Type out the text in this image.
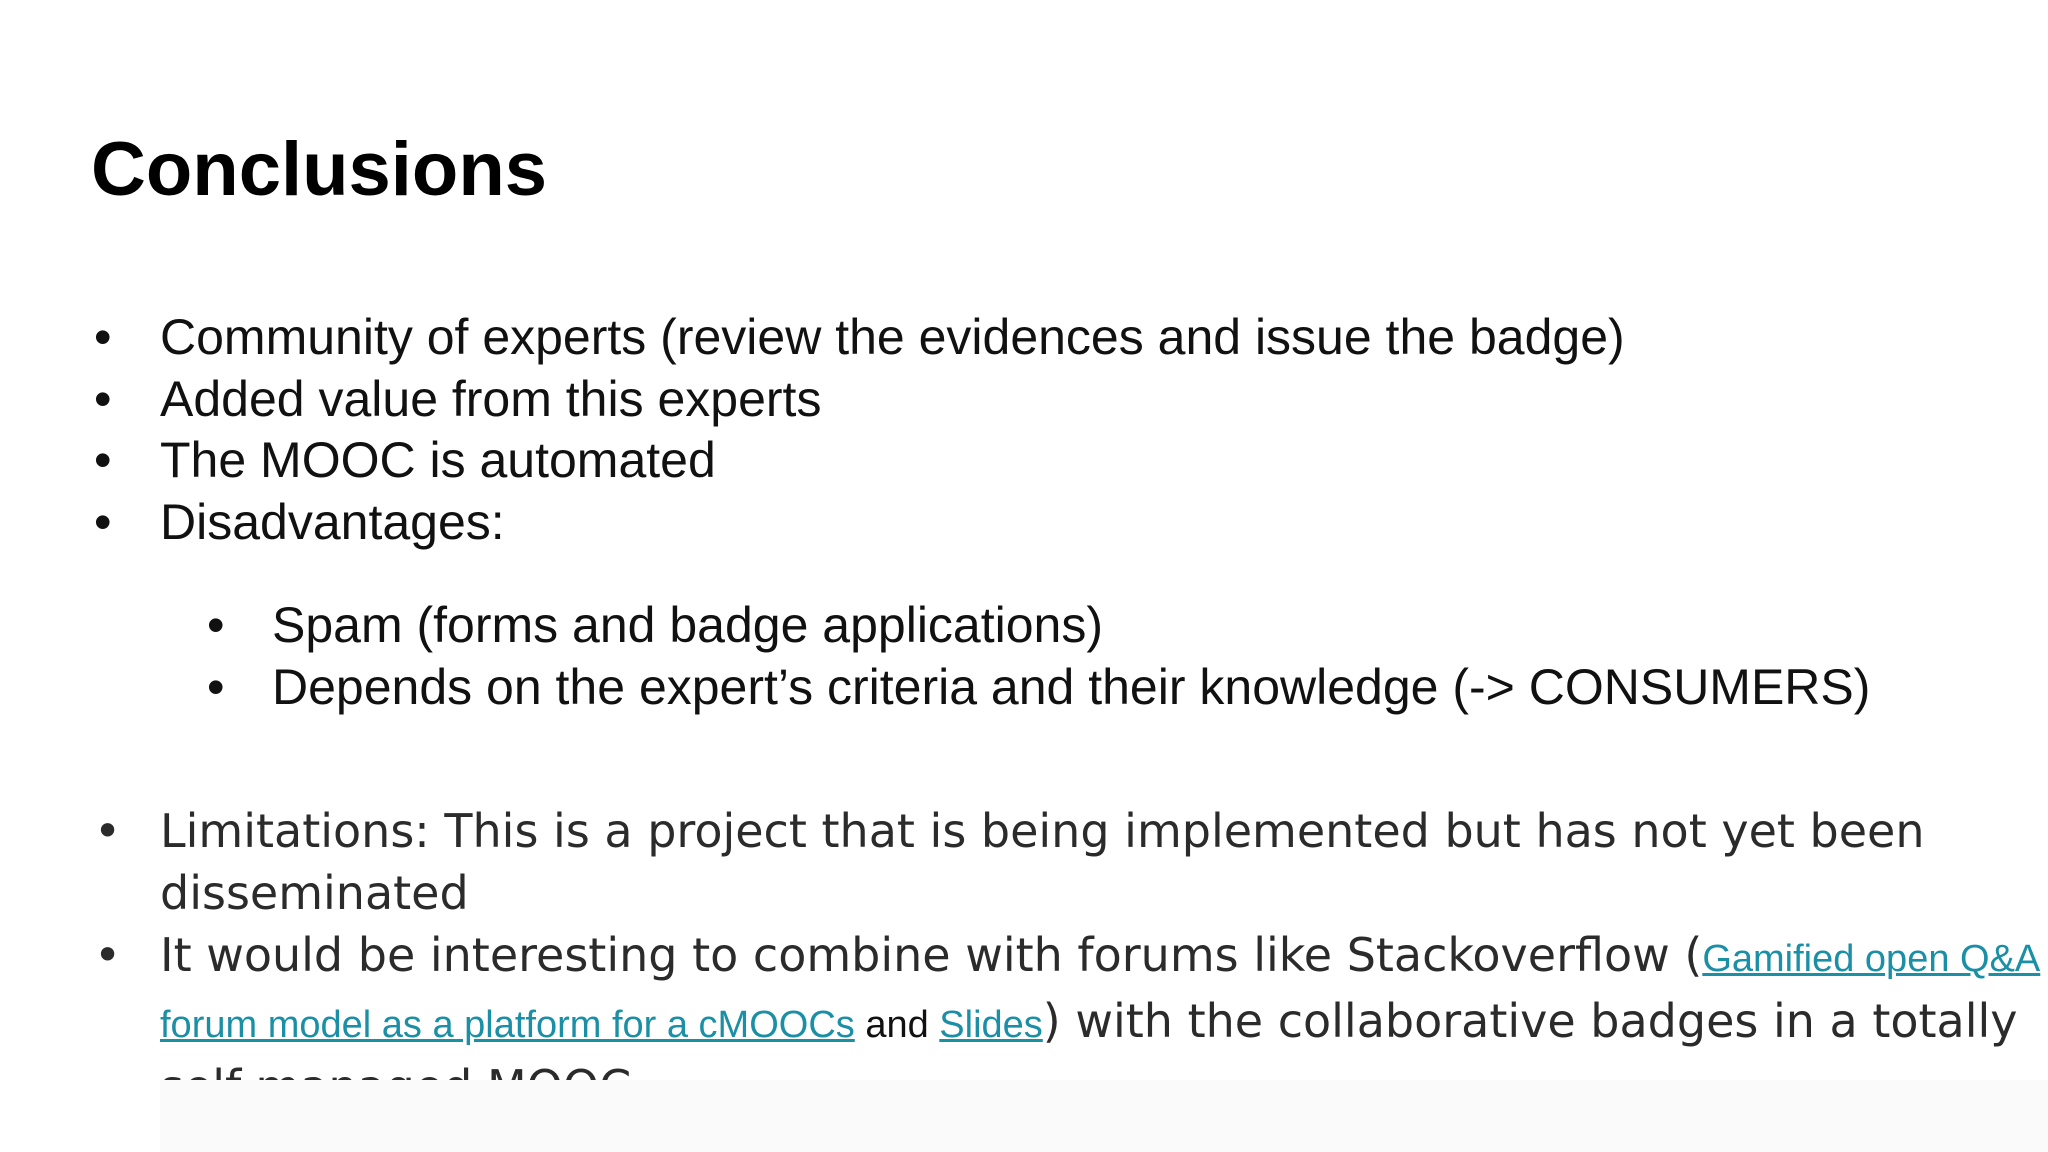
Conclusions
• Community of experts (review the evidences and issue the badge)
• Added value from this experts
• The MOOC is automated
• Disadvantages:
• Spam (forms and badge applications)
• Depends on the expert’s criteria and their knowledge (-> CONSUMERS)
• Limitations: This is a project that is being implemented but has not yet been
disseminated
• It would be interesting to combine with forums like Stackoverflow (Gamified open Q&A
forum model as a platform for a cMOOCs and Slides) with the collaborative badges in a totally
